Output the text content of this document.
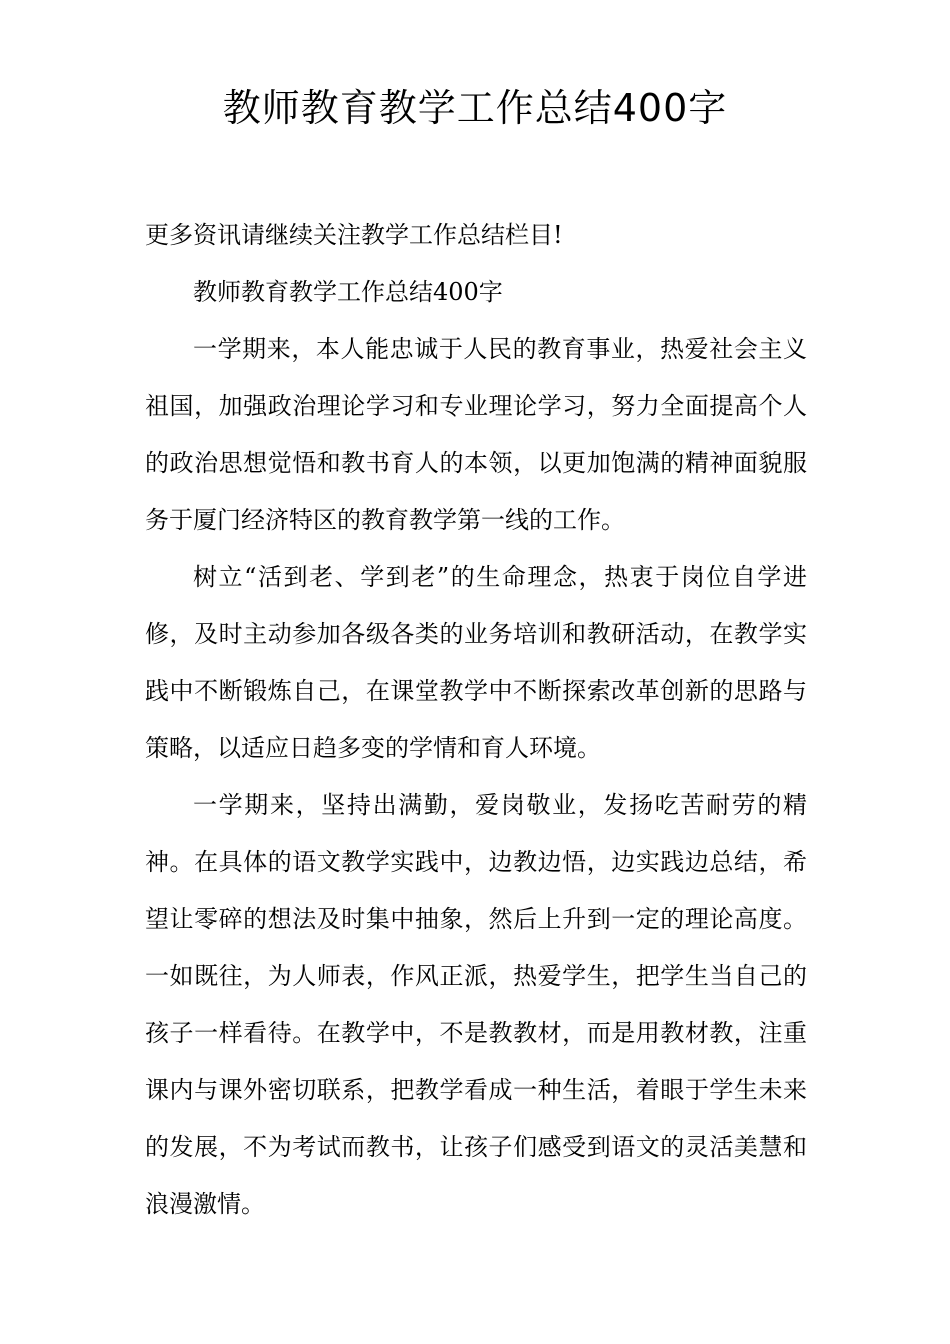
教师教育教学工作总结400字

更多资讯请继续关注教学工作总结栏目!

教师教育教学工作总结400字

一学期来，本人能忠诚于人民的教育事业，热爱社会主义祖国，加强政治理论学习和专业理论学习，努力全面提高个人的政治思想觉悟和教书育人的本领，以更加饱满的精神面貌服务于厦门经济特区的教育教学第一线的工作。

树立“活到老、学到老”的生命理念，热衷于岗位自学进修，及时主动参加各级各类的业务培训和教研活动，在教学实践中不断锻炼自己，在课堂教学中不断探索改革创新的思路与策略，以适应日趋多变的学情和育人环境。

一学期来，坚持出满勤，爱岗敬业，发扬吃苦耐劳的精神。在具体的语文教学实践中，边教边悟，边实践边总结，希望让零碎的想法及时集中抽象，然后上升到一定的理论高度。一如既往，为人师表，作风正派，热爱学生，把学生当自己的孩子一样看待。在教学中，不是教教材，而是用教材教，注重课内与课外密切联系，把教学看成一种生活，着眼于学生未来的发展，不为考试而教书，让孩子们感受到语文的灵活美慧和浪漫激情。
